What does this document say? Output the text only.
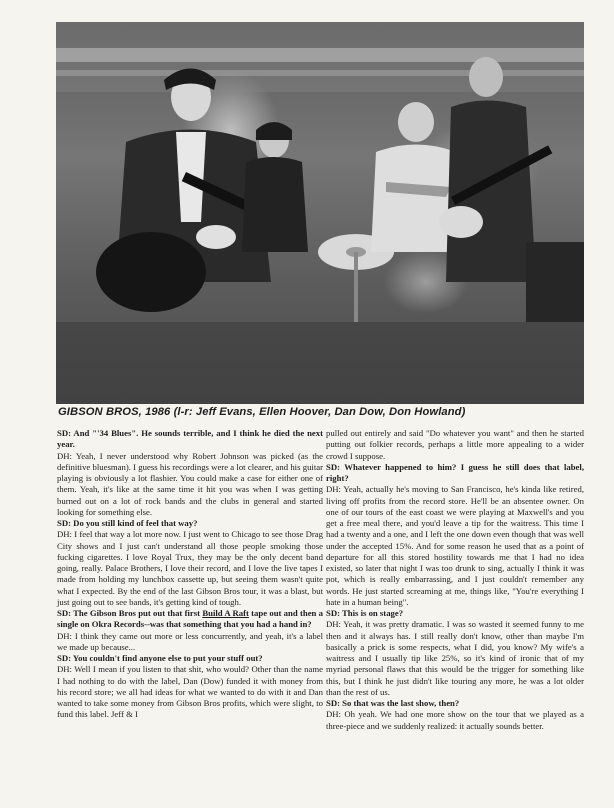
GIBSON BROS, 1986 (l-r: Jeff Evans, Ellen Hoover, Dan Dow, Don Howland)

SD: And "'34 Blues". He sounds terrible, and I think he died the next year.

DH: Yeah, I never understood why Robert Johnson was picked (as the definitive bluesman). I guess his recordings were a lot clearer, and his guitar playing is obviously a lot flashier. You could make a case for either one of them. Yeah, it's like at the same time it hit you was when I was getting burned out on a lot of rock bands and the clubs in general and started looking for something else.

SD: Do you still kind of feel that way?

DH: I feel that way a lot more now. I just went to Chicago to see those Drag City shows and I just can't understand all those people smoking those fucking cigarettes. I love Royal Trux, they may be the only decent band going, really. Palace Brothers, I love their record, and I love the live tapes I made from holding my lunchbox cassette up, but seeing them wasn't quite what I expected. By the end of the last Gibson Bros tour, it was a blast, but just going out to see bands, it's getting kind of tough.

SD: The Gibson Bros put out that first Build A Raft tape out and then a single on Okra Records--was that something that you had a hand in?

DH: I think they came out more or less concurrently, and yeah, it's a label we made up because...

SD: You couldn't find anyone else to put your stuff out?

DH: Well I mean if you listen to that shit, who would? Other than the name I had nothing to do with the label, Dan (Dow) funded it with money from his record store; we all had ideas for what we wanted to do with it and Dan wanted to take some money from Gibson Bros profits, which were slight, to fund this label. Jeff & I

pulled out entirely and said "Do whatever you want" and then he started putting out folkier records, perhaps a little more appealing to a wider crowd I suppose.

SD: Whatever happened to him? I guess he still does that label, right?

DH: Yeah, actually he's moving to San Francisco, he's kinda like retired, living off profits from the record store. He'll be an absentee owner. On one of our tours of the east coast we were playing at Maxwell's and you get a free meal there, and you'd leave a tip for the waitress. This time I had a twenty and a one, and I left the one down even though that was well under the accepted 15%. And for some reason he used that as a point of departure for all this stored hostility towards me that I had no idea existed, so later that night I was too drunk to sing, actually I think it was pot, which is really embarrassing, and I just couldn't remember any words. He just started screaming at me, things like, "You're everything I hate in a human being".

SD: This is on stage?

DH: Yeah, it was pretty dramatic. I was so wasted it seemed funny to me then and it always has. I still really don't know, other than maybe I'm basically a prick is some respects, what I did, you know? My wife's a waitress and I usually tip like 25%, so it's kind of ironic that of my myriad personal flaws that this would be the trigger for something like this, but I think he just didn't like touring any more, he was a lot older than the rest of us.

SD: So that was the last show, then?

DH: Oh yeah. We had one more show on the tour that we played as a three-piece and we suddenly realized: it actually sounds better.
